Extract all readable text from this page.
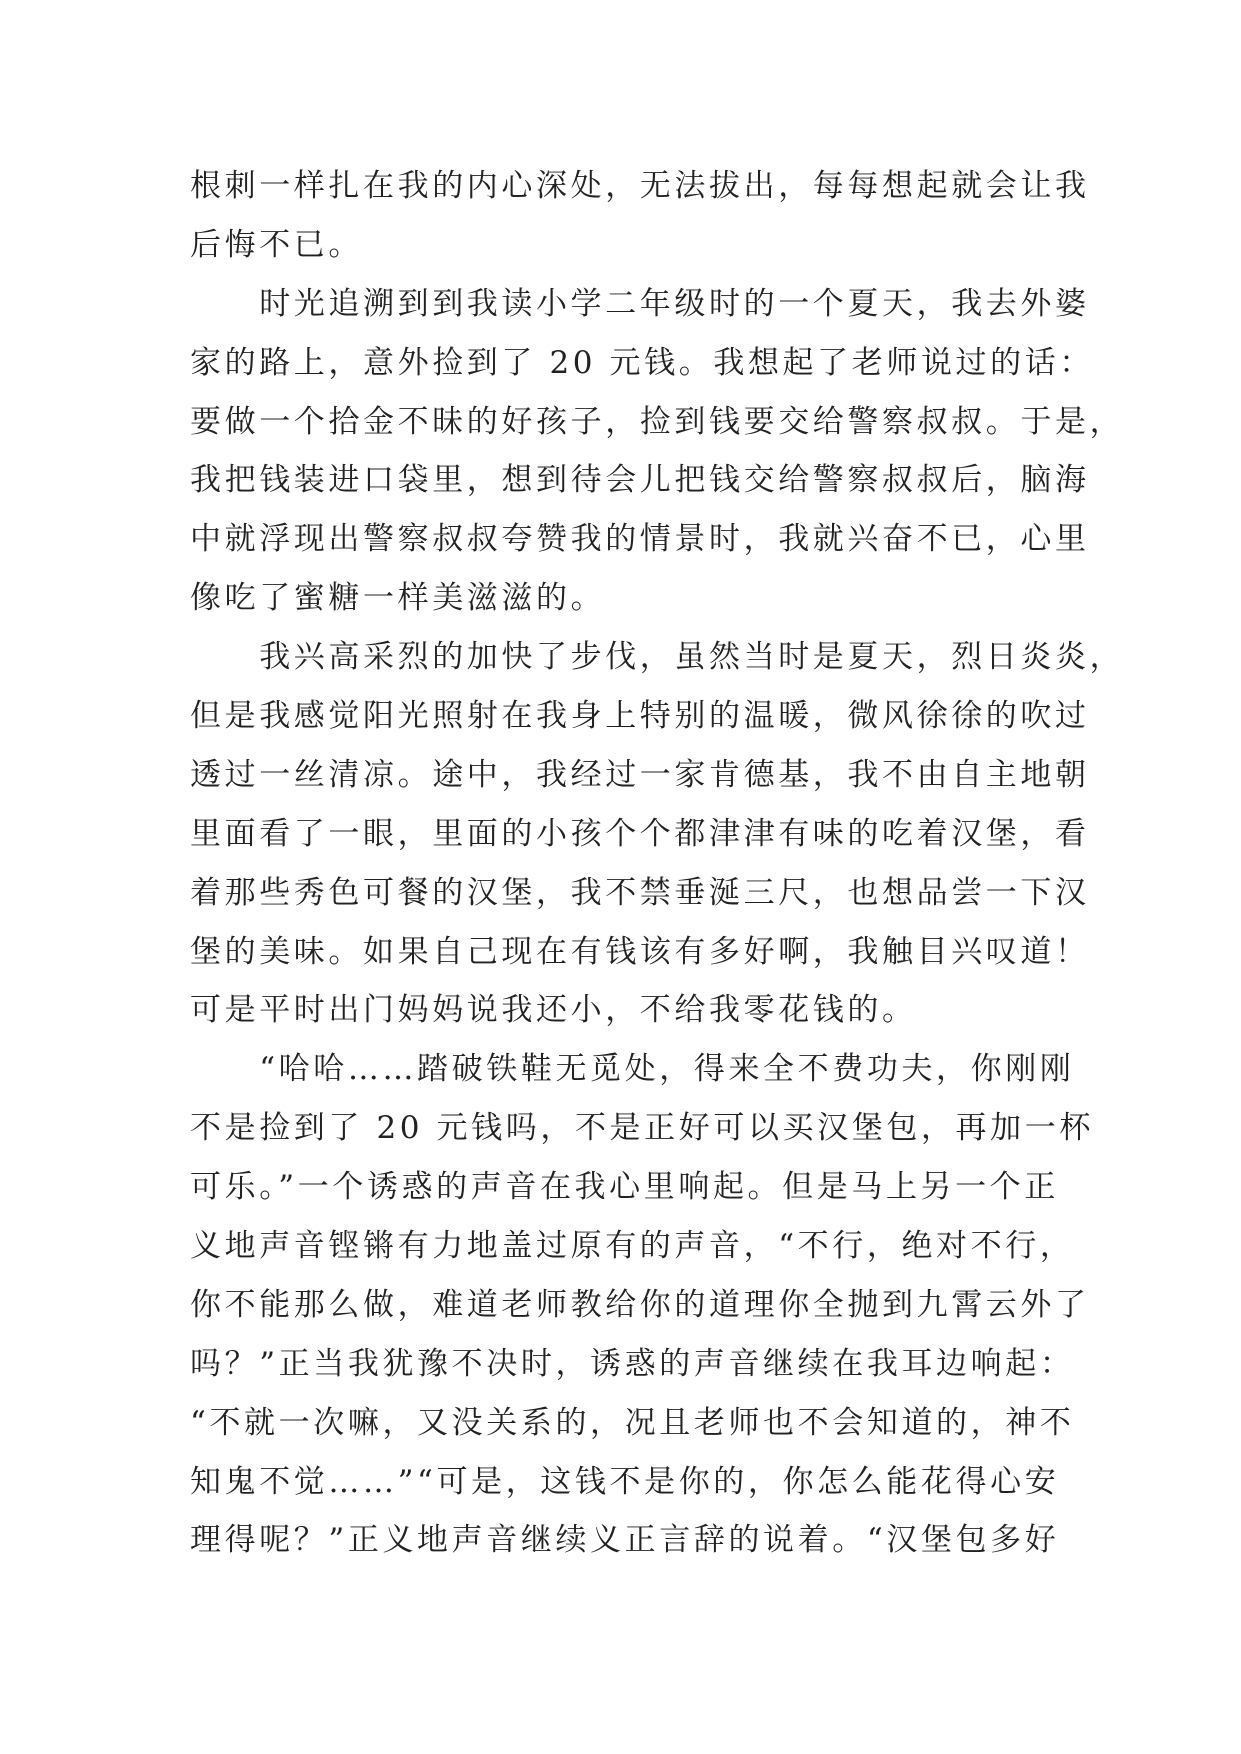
根刺一样扎在我的内心深处，无法拔出，每每想起就会让我
后悔不已。
　　时光追溯到到我读小学二年级时的一个夏天，我去外婆
家的路上，意外捡到了 20 元钱。我想起了老师说过的话：
要做一个拾金不昧的好孩子，捡到钱要交给警察叔叔。于是，
我把钱装进口袋里，想到待会儿把钱交给警察叔叔后，脑海
中就浮现出警察叔叔夸赞我的情景时，我就兴奋不已，心里
像吃了蜜糖一样美滋滋的。
　　我兴高采烈的加快了步伐，虽然当时是夏天，烈日炎炎，
但是我感觉阳光照射在我身上特别的温暖，微风徐徐的吹过
透过一丝清凉。途中，我经过一家肯德基，我不由自主地朝
里面看了一眼，里面的小孩个个都津津有味的吃着汉堡，看
着那些秀色可餐的汉堡，我不禁垂涎三尺，也想品尝一下汉
堡的美味。如果自己现在有钱该有多好啊，我触目兴叹道！
可是平时出门妈妈说我还小，不给我零花钱的。
　　“哈哈……踏破铁鞋无觅处，得来全不费功夫，你刚刚
不是捡到了 20 元钱吗，不是正好可以买汉堡包，再加一杯
可乐。”一个诱惑的声音在我心里响起。但是马上另一个正
义地声音铿锵有力地盖过原有的声音，“不行，绝对不行，
你不能那么做，难道老师教给你的道理你全抛到九霄云外了
吗？”正当我犹豫不决时，诱惑的声音继续在我耳边响起：
“不就一次嘛，又没关系的，况且老师也不会知道的，神不
知鬼不觉……”“可是，这钱不是你的，你怎么能花得心安
理得呢？”正义地声音继续义正言辞的说着。“汉堡包多好
